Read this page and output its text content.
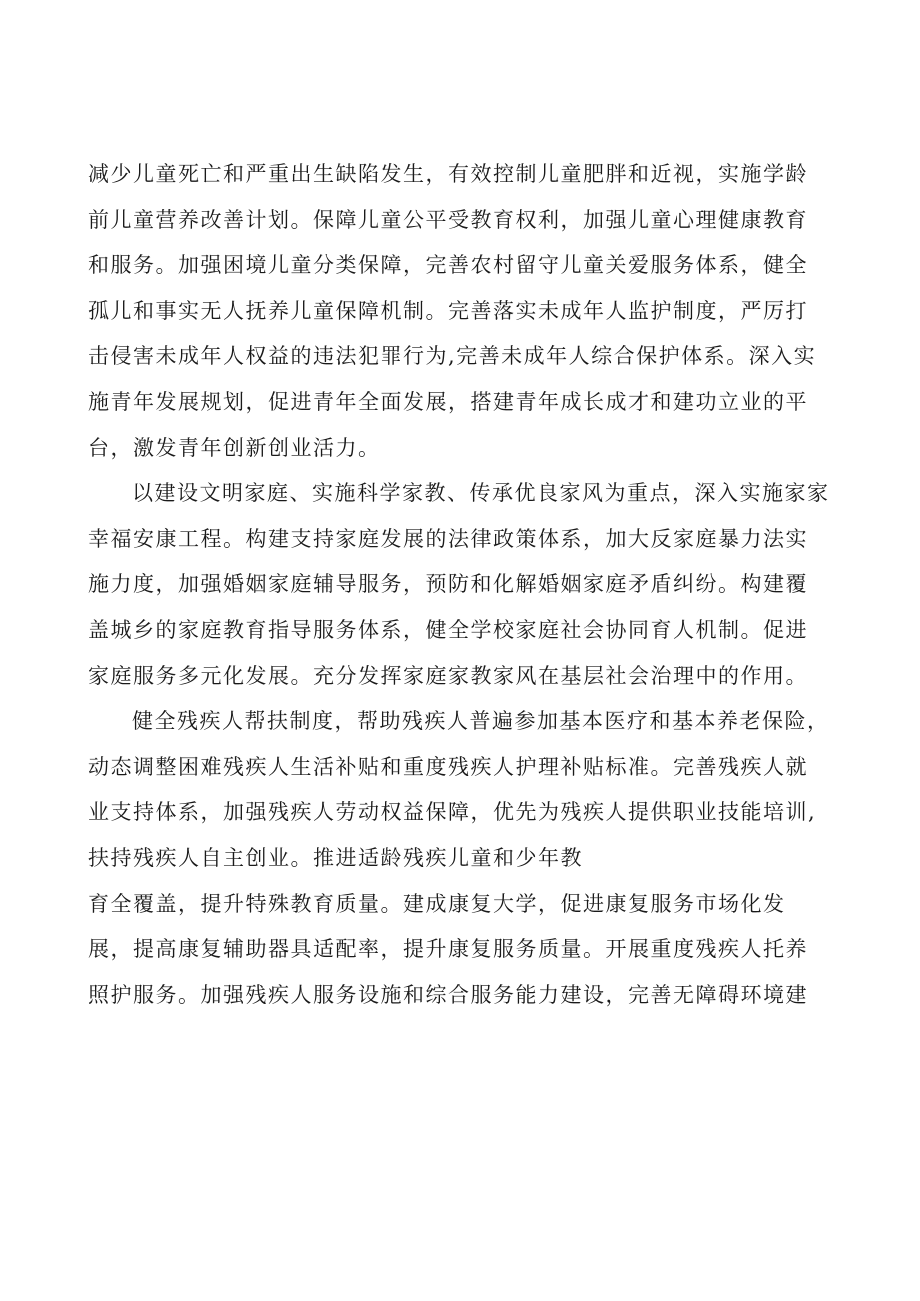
减少儿童死亡和严重出生缺陷发生，有效控制儿童肥胖和近视，实施学龄
前儿童营养改善计划。保障儿童公平受教育权利，加强儿童心理健康教育
和服务。加强困境儿童分类保障，完善农村留守儿童关爱服务体系，健全
孤儿和事实无人抚养儿童保障机制。完善落实未成年人监护制度，严厉打
击侵害未成年人权益的违法犯罪行为,完善未成年人综合保护体系。深入实
施青年发展规划，促进青年全面发展，搭建青年成长成才和建功立业的平
台，激发青年创新创业活力。
以建设文明家庭、实施科学家教、传承优良家风为重点，深入实施家家
幸福安康工程。构建支持家庭发展的法律政策体系，加大反家庭暴力法实
施力度，加强婚姻家庭辅导服务，预防和化解婚姻家庭矛盾纠纷。构建覆
盖城乡的家庭教育指导服务体系，健全学校家庭社会协同育人机制。促进
家庭服务多元化发展。充分发挥家庭家教家风在基层社会治理中的作用。
健全残疾人帮扶制度，帮助残疾人普遍参加基本医疗和基本养老保险，
动态调整困难残疾人生活补贴和重度残疾人护理补贴标准。完善残疾人就
业支持体系，加强残疾人劳动权益保障，优先为残疾人提供职业技能培训,
扶持残疾人自主创业。推进适龄残疾儿童和少年教
育全覆盖，提升特殊教育质量。建成康复大学，促进康复服务市场化发
展，提高康复辅助器具适配率，提升康复服务质量。开展重度残疾人托养
照护服务。加强残疾人服务设施和综合服务能力建设，完善无障碍环境建
